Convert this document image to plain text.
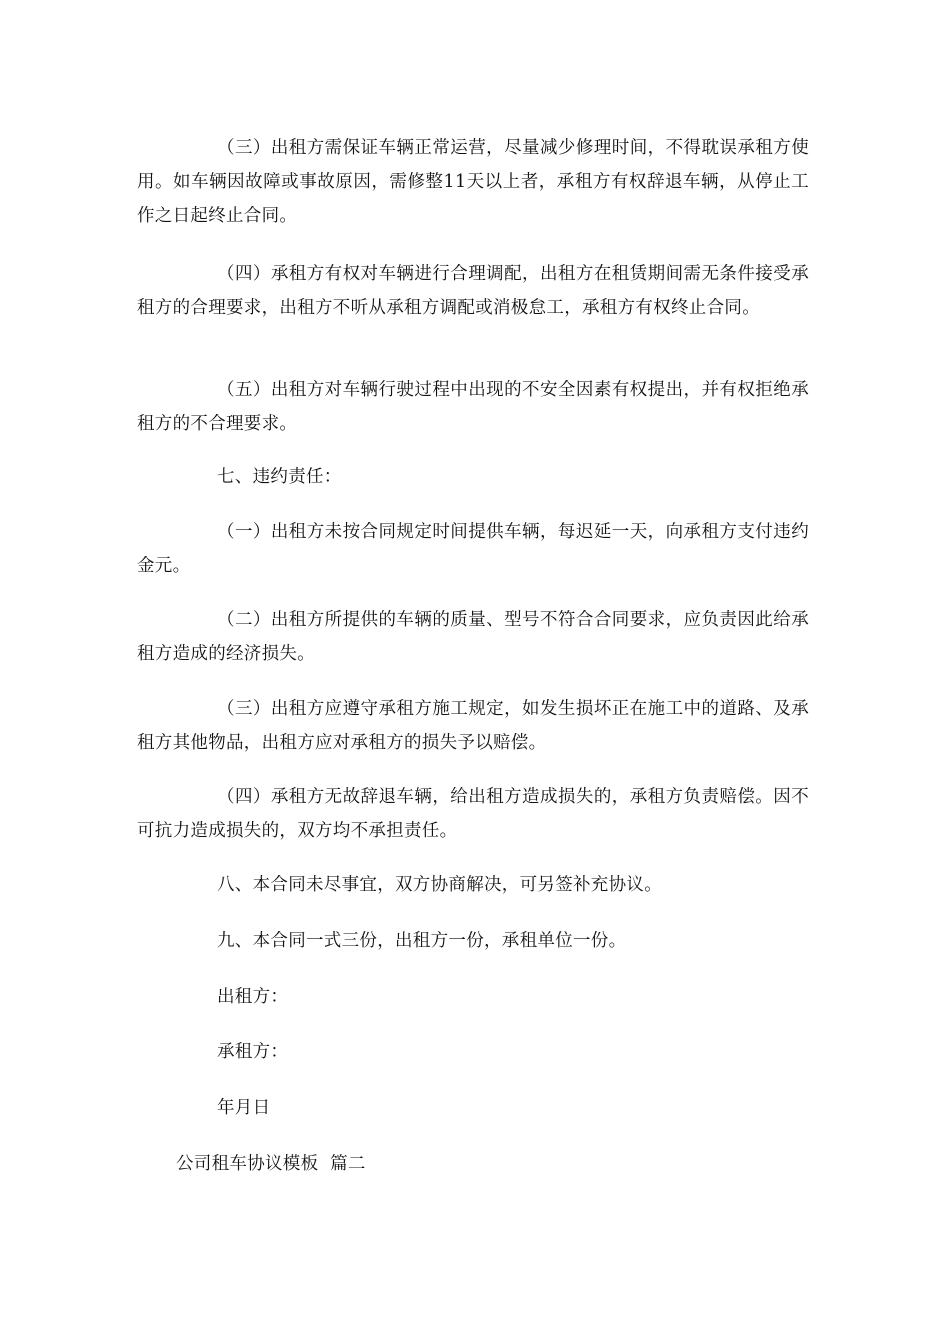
（三）出租方需保证车辆正常运营，尽量减少修理时间，不得耽误承租方使用。如车辆因故障或事故原因，需修整11天以上者，承租方有权辞退车辆，从停止工作之日起终止合同。

（四）承租方有权对车辆进行合理调配，出租方在租赁期间需无条件接受承租方的合理要求，出租方不听从承租方调配或消极怠工，承租方有权终止合同。

（五）出租方对车辆行驶过程中出现的不安全因素有权提出，并有权拒绝承租方的不合理要求。

七、违约责任：

（一）出租方未按合同规定时间提供车辆，每迟延一天，向承租方支付违约金元。

（二）出租方所提供的车辆的质量、型号不符合合同要求，应负责因此给承租方造成的经济损失。

（三）出租方应遵守承租方施工规定，如发生损坏正在施工中的道路、及承租方其他物品，出租方应对承租方的损失予以赔偿。

（四）承租方无故辞退车辆，给出租方造成损失的，承租方负责赔偿。因不可抗力造成损失的，双方均不承担责任。

八、本合同未尽事宜，双方协商解决，可另签补充协议。

九、本合同一式三份，出租方一份，承租单位一份。

出租方：

承租方：

年月日

公司租车协议模板  篇二
